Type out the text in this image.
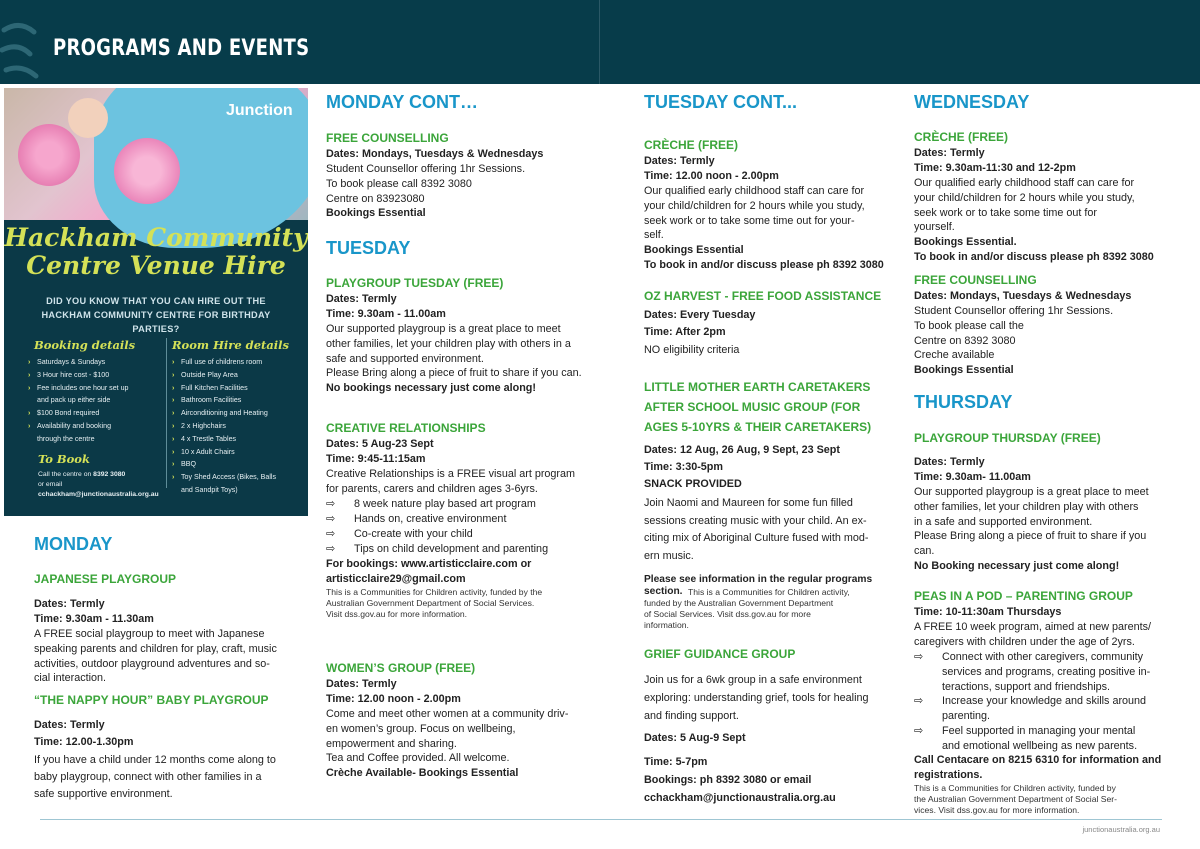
PROGRAMS AND EVENTS
Junction
Hackham Community
Centre Venue Hire
DID YOU KNOW THAT YOU CAN HIRE OUT THE HACKHAM COMMUNITY CENTRE FOR BIRTHDAY PARTIES?
Booking details
› Saturdays & Sundays
› 3 Hour hire cost - $100
› Fee includes one hour set up
and pack up either side
› $100 Bond required
› Availability and booking
through the centre
To Book
Call the centre on 8392 3080
or email
cchackham@junctionaustralia.org.au
Room Hire details
› Full use of childrens room
› Outside Play Area
› Full Kitchen Facilities
› Bathroom Facilities
› Airconditioning and Heating
› 2 x Highchairs
› 4 x Trestle Tables
› 10 x Adult Chairs
› BBQ
› Toy Shed Access (Bikes, Balls
and Sandpit Toys)
MONDAY
JAPANESE PLAYGROUP
Dates: Termly
Time: 9.30am - 11.30am
A FREE social playgroup to meet with Japanese
speaking parents and children for play, craft, music
activities, outdoor playground adventures and so-
cial interaction.
“THE NAPPY HOUR” BABY PLAYGROUP
Dates: Termly
Time: 12.00-1.30pm
If you have a child under 12 months come along to
baby playgroup, connect with other families in a
safe supportive environment.
MONDAY CONT…
FREE COUNSELLING
Dates: Mondays, Tuesdays & Wednesdays
Student Counsellor offering 1hr Sessions.
To book please call 8392 3080
Centre on 83923080
Bookings Essential
TUESDAY
PLAYGROUP TUESDAY (FREE)
Dates: Termly
Time: 9.30am - 11.00am
Our supported playgroup is a great place to meet
other families, let your children play with others in a
safe and supported environment.
Please Bring along a piece of fruit to share if you can.
No bookings necessary just come along!
CREATIVE RELATIONSHIPS
Dates: 5 Aug-23 Sept
Time: 9:45-11:15am
Creative Relationships is a FREE visual art program
for parents, carers and children ages 3-6yrs.
⇨ 8 week nature play based art program
⇨ Hands on, creative environment
⇨ Co-create with your child
⇨ Tips on child development and parenting
For bookings: www.artisticclaire.com or
artisticclaire29@gmail.com
This is a Communities for Children activity, funded by the
Australian Government Department of Social Services.
Visit dss.gov.au for more information.
WOMEN’S GROUP (FREE)
Dates: Termly
Time: 12.00 noon - 2.00pm
Come and meet other women at a community driv-
en women’s group. Focus on wellbeing,
empowerment and sharing.
Tea and Coffee provided. All welcome.
Crèche Available- Bookings Essential
TUESDAY CONT...
CRÈCHE (FREE)
Dates: Termly
Time: 12.00 noon - 2.00pm
Our qualified early childhood staff can care for
your child/children for 2 hours while you study,
seek work or to take some time out for your-
self.
Bookings Essential
To book in and/or discuss please ph 8392 3080
OZ HARVEST - FREE FOOD ASSISTANCE
Dates: Every Tuesday
Time: After 2pm
NO eligibility criteria
LITTLE MOTHER EARTH CARETAKERS
AFTER SCHOOL MUSIC GROUP (FOR
AGES 5-10YRS & THEIR CARETAKERS)
Dates: 12 Aug, 26 Aug, 9 Sept, 23 Sept
Time: 3:30-5pm
SNACK PROVIDED
Join Naomi and Maureen for some fun filled
sessions creating music with your child. An ex-
citing mix of Aboriginal Culture fused with mod-
ern music.
Please see information in the regular programs
section. This is a Communities for Children activity,
funded by the Australian Government Department
of Social Services. Visit dss.gov.au for more
information.
GRIEF GUIDANCE GROUP
Join us for a 6wk group in a safe environment
exploring: understanding grief, tools for healing
and finding support.
Dates: 5 Aug-9 Sept
Time: 5-7pm
Bookings: ph 8392 3080 or email
cchackham@junctionaustralia.org.au
WEDNESDAY
CRÈCHE (FREE)
Dates: Termly
Time: 9.30am-11:30 and 12-2pm
Our qualified early childhood staff can care for
your child/children for 2 hours while you study,
seek work or to take some time out for
yourself.
Bookings Essential.
To book in and/or discuss please ph 8392 3080
FREE COUNSELLING
Dates: Mondays, Tuesdays & Wednesdays
Student Counsellor offering 1hr Sessions.
To book please call the
Centre on 8392 3080
Creche available
Bookings Essential
THURSDAY
PLAYGROUP THURSDAY (FREE)
Dates: Termly
Time: 9.30am- 11.00am
Our supported playgroup is a great place to meet
other families, let your children play with others
in a safe and supported environment.
Please Bring along a piece of fruit to share if you
can.
No Booking necessary just come along!
PEAS IN A POD – PARENTING GROUP
Time: 10-11:30am Thursdays
A FREE 10 week program, aimed at new parents/
caregivers with children under the age of 2yrs.
⇨ Connect with other caregivers, community
services and programs, creating positive in-
teractions, support and friendships.
⇨ Increase your knowledge and skills around
parenting.
⇨ Feel supported in managing your mental
and emotional wellbeing as new parents.
Call Centacare on 8215 6310 for information and
registrations.
This is a Communities for Children activity, funded by
the Australian Government Department of Social Ser-
vices. Visit dss.gov.au for more information.
junctionaustralia.org.au
